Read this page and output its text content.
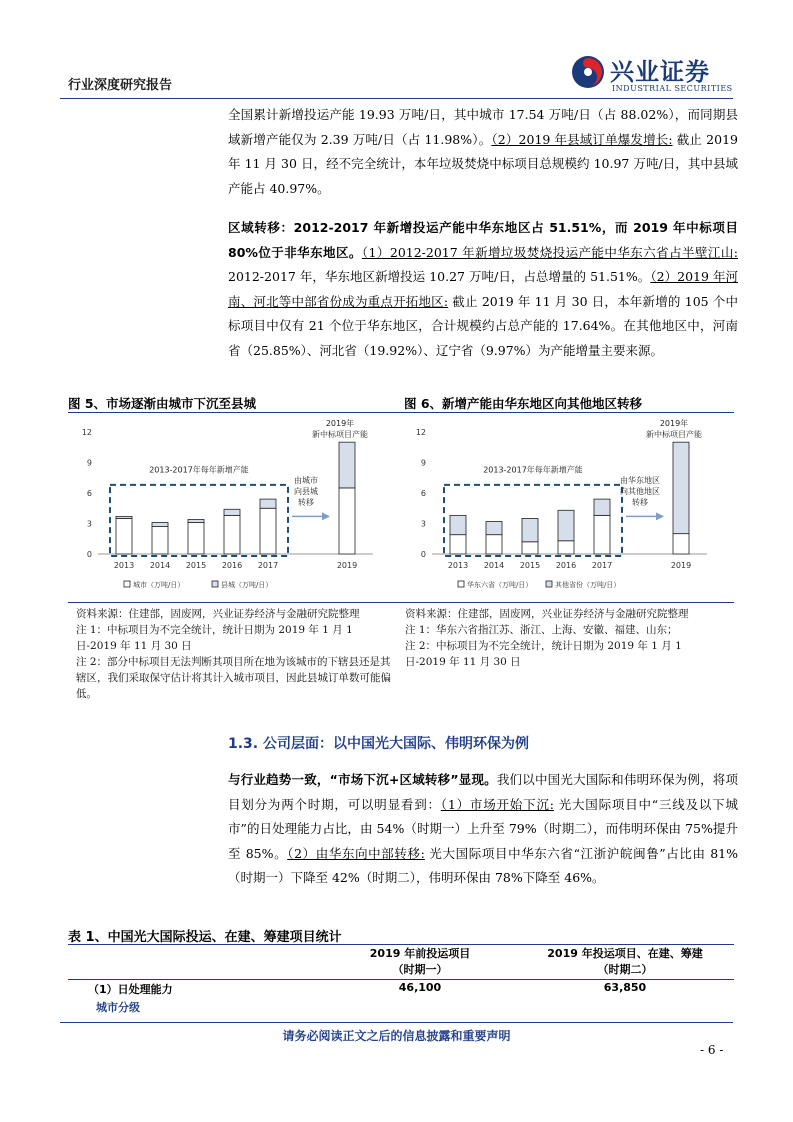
行业深度研究报告	兴业证券
INDUSTRIAL SECURITIES
全国累计新增投运产能 19.93 万吨/日，其中城市 17.54 万吨/日（占 88.02%），而同期县域新增产能仅为 2.39 万吨/日（占 11.98%）。（2）2019 年县域订单爆发增长: 截止 2019 年 11 月 30 日，经不完全统计，本年垃圾焚烧中标项目总规模约 10.97 万吨/日，其中县域产能占 40.97%。
区域转移：2012-2017 年新增投运产能中华东地区占 51.51%，而 2019 年中标项目 80%位于非华东地区。（1）2012-2017 年新增垃圾焚烧投运产能中华东六省占半壁江山: 2012-2017 年，华东地区新增投运 10.27 万吨/日，占总增量的 51.51%。（2）2019 年河南、河北等中部省份成为重点开拓地区: 截止 2019 年 11 月 30 日，本年新增的 105 个中标项目中仅有 21 个位于华东地区，合计规模约占总产能的 17.64%。在其他地区中，河南省（25.85%）、河北省（19.92%）、辽宁省（9.97%）为产能增量主要来源。
图 5、市场逐渐由城市下沉至县城	图 6、新增产能由华东地区向其他地区转移
0
3
6
9
12
2013 2014 2015 2016 2017	2019
2013-2017年每年新增产能
由城市
向县城
转移
2019年
新中标项目产能
城市（万吨/日）	县城（万吨/日）
0
3
6
9
12
2013 2014 2015 2016 2017	2019
2013-2017年每年新增产能
由华东地区
向其他地区
转移
2019年
新中标项目产能
华东六省（万吨/日）	其他省份（万吨/日）
资料来源：住建部，固废网，兴业证券经济与金融研究院整理
注 1：中标项目为不完全统计，统计日期为 2019 年 1 月 1 日-2019 年 11 月 30 日
注 2：部分中标项目无法判断其项目所在地为该城市的下辖县还是其辖区，我们采取保守估计将其计入城市项目，因此县城订单数可能偏低。
资料来源：住建部，固废网，兴业证券经济与金融研究院整理
注 1：华东六省指江苏、浙江、上海、安徽、福建、山东；
注 2：中标项目为不完全统计，统计日期为 2019 年 1 月 1 日-2019 年 11 月 30 日
1.3. 公司层面：以中国光大国际、伟明环保为例
与行业趋势一致，“市场下沉+区域转移”显现。我们以中国光大国际和伟明环保为例，将项目划分为两个时期，可以明显看到：（1）市场开始下沉: 光大国际项目中“三线及以下城市”的日处理能力占比，由 54%（时期一）上升至 79%（时期二），而伟明环保由 75%提升至 85%。（2）由华东向中部转移: 光大国际项目中华东六省“江浙沪皖闽鲁”占比由 81%（时期一）下降至 42%（时期二），伟明环保由 78%下降至 46%。
表 1、中国光大国际投运、在建、筹建项目统计
2019 年前投运项目
（时期一）
2019 年投运项目、在建、筹建
（时期二）
（1）日处理能力	46,100	63,850
城市分级
请务必阅读正文之后的信息披露和重要声明
- 6 -
